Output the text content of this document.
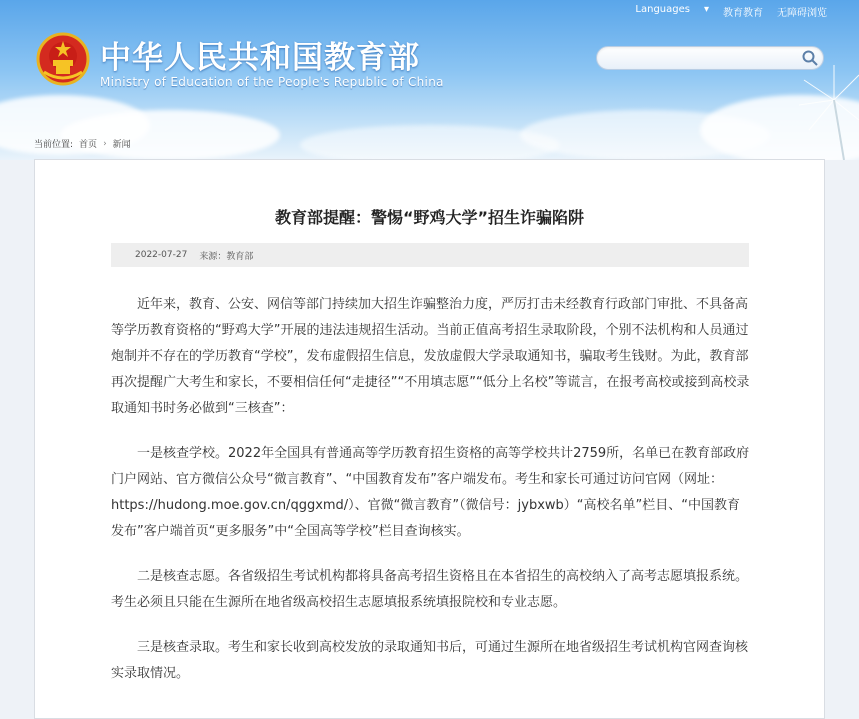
Languages ▾ 教育教育 无障碍浏览
中华人民共和国教育部
Ministry of Education of the People's Republic of China
当前位置: 首页 › 新闻
教育部提醒：警惕“野鸡大学”招生诈骗陷阱
2022-07-27 来源：教育部

近年来，教育、公安、网信等部门持续加大招生诈骗整治力度，严厉打击未经教育行政部门审批、不具备高等学历教育资格的“野鸡大学”开展的违法违规招生活动。当前正值高考招生录取阶段，个别不法机构和人员通过炮制并不存在的学历教育“学校”，发布虚假招生信息，发放虚假大学录取通知书，骗取考生钱财。为此，教育部再次提醒广大考生和家长，不要相信任何“走捷径”“不用填志愿”“低分上名校”等谎言，在报考高校或接到高校录取通知书时务必做到“三核查”：

一是核查学校。2022年全国具有普通高等学历教育招生资格的高等学校共计2759所，名单已在教育部政府门户网站、官方微信公众号“微言教育”、“中国教育发布”客户端发布。考生和家长可通过访问官网（网址：https://hudong.moe.gov.cn/qggxmd/）、官微“微言教育”（微信号：jybxwb）“高校名单”栏目、“中国教育发布”客户端首页“更多服务”中“全国高等学校”栏目查询核实。

二是核查志愿。各省级招生考试机构都将具备高考招生资格且在本省招生的高校纳入了高考志愿填报系统。考生必须且只能在生源所在地省级高校招生志愿填报系统填报院校和专业志愿。

三是核查录取。考生和家长收到高校发放的录取通知书后，可通过生源所在地省级招生考试机构官网查询核实录取情况。
